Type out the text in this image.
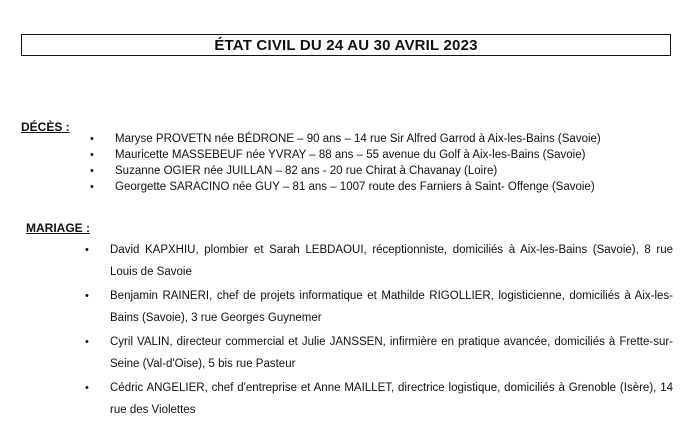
ÉTAT CIVIL DU 24 AU 30 AVRIL 2023
DÉCÈS :
• Maryse PROVETN née BÉDRONE – 90 ans – 14 rue Sir Alfred Garrod à Aix-les-Bains (Savoie)
• Mauricette MASSEBEUF née YVRAY – 88 ans – 55 avenue du Golf à Aix-les-Bains (Savoie)
• Suzanne OGIER née JUILLAN – 82 ans - 20 rue Chirat à Chavanay (Loire)
• Georgette SARACINO née GUY – 81 ans – 1007 route des Farniers à Saint- Offenge (Savoie)
MARIAGE :
• David KAPXHIU, plombier et Sarah LEBDAOUI, réceptionniste, domiciliés à Aix-les-Bains (Savoie), 8 rue Louis de Savoie
• Benjamin RAINERI, chef de projets informatique et Mathilde RIGOLLIER, logisticienne, domiciliés à Aix-les-Bains (Savoie), 3 rue Georges Guynemer
• Cyril VALIN, directeur commercial et Julie JANSSEN, infirmière en pratique avancée, domiciliés à Frette-sur-Seine (Val-d'Oise), 5 bis rue Pasteur
• Cédric ANGELIER, chef d'entreprise et Anne MAILLET, directrice logistique, domiciliés à Grenoble (Isère), 14 rue des Violettes
